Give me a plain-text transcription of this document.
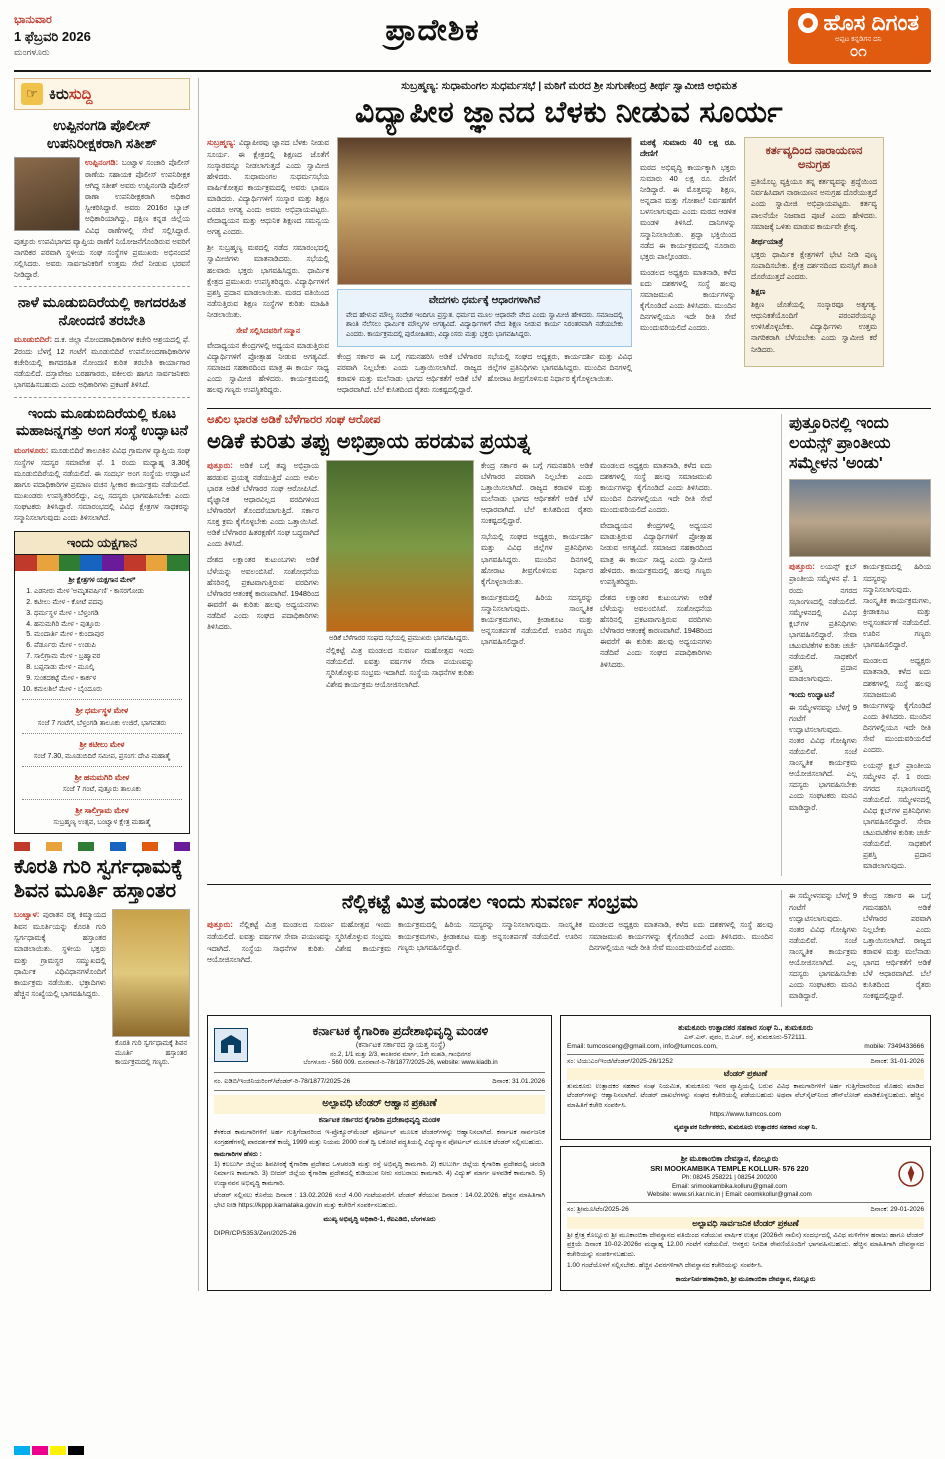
ಭಾನುವಾರ
1 ಫೆಬ್ರವರಿ 2026
ಮಂಗಳೂರು
ಪ್ರಾದೇಶಿಕ	ಹೊಸ ದಿಗಂತ
ಅಪ್ಪಟ ಕನ್ನಡಿಗನ ದನಿ
೦೧
☞ ಕಿರುಸುದ್ದಿ
ಉಪ್ಪಿನಂಗಡಿ ಪೊಲೀಸ್ ಉಪನಿರೀಕ್ಷಕರಾಗಿ ಸತೀಶ್

ಉಪ್ಪಿನಂಗಡಿ: ಬಂಟ್ವಾಳ ಸಂಚಾರಿ ಪೊಲೀಸ್ ಠಾಣೆಯ ಸಹಾಯಕ ಪೊಲೀಸ್ ಉಪನಿರೀಕ್ಷಕ ಆಗಿದ್ದ ಸತೀಶ್ ಅವರು ಉಪ್ಪಿನಂಗಡಿ ಪೊಲೀಸ್ ಠಾಣಾ ಉಪನಿರೀಕ್ಷಕರಾಗಿ ಅಧಿಕಾರ ಸ್ವೀಕರಿಸಿದ್ದಾರೆ. ಅವರು 2016ರ ಬ್ಯಾಚ್ ಅಧಿಕಾರಿಯಾಗಿದ್ದು, ದಕ್ಷಿಣ ಕನ್ನಡ ಜಿಲ್ಲೆಯ ವಿವಿಧ ಠಾಣೆಗಳಲ್ಲಿ ಸೇವೆ ಸಲ್ಲಿಸಿದ್ದಾರೆ. ಪುತ್ತೂರು ಉಪವಿಭಾಗದ ವ್ಯಾಪ್ತಿಯ ಠಾಣೆಗೆ ನಿಯೋಜನೆಗೊಂಡಿರುವ ಅವರಿಗೆ ನಾಗರಿಕರ ಪರವಾಗಿ ಸ್ಥಳೀಯ ಸಂಘ ಸಂಸ್ಥೆಗಳ ಪ್ರಮುಖರು ಅಭಿನಂದನೆ ಸಲ್ಲಿಸಿದರು. ಅವರು ಸಾರ್ವಜನಿಕರಿಗೆ ಉತ್ತಮ ಸೇವೆ ನೀಡುವ ಭರವಸೆ ನೀಡಿದ್ದಾರೆ.

ನಾಳೆ ಮೂಡುಬಿದಿರೆಯಲ್ಲಿ ಕಾಗದರಹಿತ ನೋಂದಣಿ ತರಬೇತಿ

ಮೂಡುಬಿದಿರೆ: ದ.ಕ. ಜಿಲ್ಲಾ ನೋಂದಣಾಧಿಕಾರಿಗಳ ಕಚೇರಿ ಆಶ್ರಯದಲ್ಲಿ ಫೆ. 2ರಂದು ಬೆಳಗ್ಗೆ 12 ಗಂಟೆಗೆ ಮೂಡುಬಿದಿರೆ ಉಪನೋಂದಣಾಧಿಕಾರಿಗಳ ಕಚೇರಿಯಲ್ಲಿ ಕಾಗದರಹಿತ ನೋಂದಣಿ ಕುರಿತ ತರಬೇತಿ ಕಾರ್ಯಾಗಾರ ನಡೆಯಲಿದೆ. ದಸ್ತಾವೇಜು ಬರಹಗಾರರು, ವಕೀಲರು ಹಾಗೂ ಸಾರ್ವಜನಿಕರು ಭಾಗವಹಿಸಬಹುದು ಎಂದು ಅಧಿಕಾರಿಗಳು ಪ್ರಕಟಣೆ ತಿಳಿಸಿದೆ.

ಇಂದು ಮೂಡುಬಿದಿರೆಯಲ್ಲಿ ಕೂಟ ಮಹಾಜನ್ನಗತ್ತು ಅಂಗ ಸಂಸ್ಥೆ ಉದ್ಘಾಟನೆ

ಮಂಗಳೂರು: ಮೂಡುಬಿದಿರೆ ತಾಲೂಕಿನ ವಿವಿಧ ಗ್ರಾಮಗಳ ವ್ಯಾಪ್ತಿಯ ಸಂಘ ಸಂಸ್ಥೆಗಳ ಸದಸ್ಯರ ಸಮಾವೇಶ ಫೆ. 1 ರಂದು ಮಧ್ಯಾಹ್ನ 3.30ಕ್ಕೆ ಮೂಡುಬಿದಿರೆಯಲ್ಲಿ ನಡೆಯಲಿದೆ. ಈ ಸಂದರ್ಭ ಅಂಗ ಸಂಸ್ಥೆಯ ಉದ್ಘಾಟನೆ ಹಾಗೂ ಪದಾಧಿಕಾರಿಗಳ ಪ್ರಮಾಣ ವಚನ ಸ್ವೀಕಾರ ಕಾರ್ಯಕ್ರಮ ನಡೆಯಲಿದೆ. ಮುಖಂಡರು ಉಪಸ್ಥಿತರಿರಲಿದ್ದು, ಎಲ್ಲ ಸದಸ್ಯರು ಭಾಗವಹಿಸಬೇಕು ಎಂದು ಸಂಘಟಕರು ತಿಳಿಸಿದ್ದಾರೆ. ಸಮಾರಂಭದಲ್ಲಿ ವಿವಿಧ ಕ್ಷೇತ್ರಗಳ ಸಾಧಕರನ್ನು ಸನ್ಮಾನಿಸಲಾಗುವುದು ಎಂದು ತಿಳಿಸಲಾಗಿದೆ.

ಇಂದು ಯಕ್ಷಗಾನ
ಶ್ರೀ ಕ್ಷೇತ್ರಗಳ ಯಕ್ಷಗಾನ ಮೇಳ*
1. ಎಡನೀರು ಮೇಳ 'ಅಮೃತವರ್ಷಿಣಿ' - ಕಾಸರಗೋಡು
2. ಕಟೀಲು ಮೇಳ - ಕೋಟೆ ಪದವು
3. ಧರ್ಮಸ್ಥಳ ಮೇಳ - ಬೆಳ್ತಂಗಡಿ
4. ಹನುಮಗಿರಿ ಮೇಳ - ಪುತ್ತೂರು
5. ಮಂದಾರ್ತಿ ಮೇಳ - ಕುಂದಾಪುರ
6. ಪೆರ್ಡೂರು ಮೇಳ - ಉಡುಪಿ
7. ಸಾಲಿಗ್ರಾಮ ಮೇಳ - ಬ್ರಹ್ಮಾವರ
8. ಬಪ್ಪನಾಡು ಮೇಳ - ಮೂಲ್ಕಿ
9. ಸುಂಕದಕಟ್ಟೆ ಮೇಳ - ಕಾರ್ಕಳ
10. ಕಮಲಶಿಲೆ ಮೇಳ - ಬೈಂದೂರು
ಶ್ರೀ ಧರ್ಮಸ್ಥಳ ಮೇಳ
ಸಂಜೆ 7 ಗಂಟೆಗೆ, ಬೆಳ್ತಂಗಡಿ ತಾಲೂಕು ಉಜಿರೆ, ಭಾಗವತರು
ಶ್ರೀ ಕಟೀಲು ಮೇಳ
ಸಂಜೆ 7.30, ಮೂಡುಬಿದಿರೆ ಸಮೀಪ, ಪ್ರಸಂಗ: ದೇವಿ ಮಹಾತ್ಮೆ
ಶ್ರೀ ಹನುಮಗಿರಿ ಮೇಳ
ಸಂಜೆ 7 ಗಂಟೆ, ಪುತ್ತೂರು ತಾಲೂಕು
ಶ್ರೀ ಸಾಲಿಗ್ರಾಮ ಮೇಳ
ಸುಬ್ರಹ್ಮಣ್ಯ ಉತ್ಸವ, ಬಂಟ್ವಾಳ ಕ್ಷೇತ್ರ ಮಹಾತ್ಮೆ
ಕೊರತಿ ಗುರಿ ಸ್ವರ್ಗಧಾಮಕ್ಕೆ ಶಿವನ ಮೂರ್ತಿ ಹಸ್ತಾಂತರ

ಬಂಟ್ವಾಳ: ಪುರಾತನ ರತ್ನ ಕಿಮ್ಮಾಯದ ಶಿವನ ಮೂರ್ತಿಯನ್ನು ಕೊರತಿ ಗುರಿ ಸ್ವರ್ಗಧಾಮಕ್ಕೆ ಹಸ್ತಾಂತರ ಮಾಡಲಾಯಿತು. ಸ್ಥಳೀಯ ಭಕ್ತರು ಮತ್ತು ಗ್ರಾಮಸ್ಥರ ಸಮ್ಮುಖದಲ್ಲಿ ಧಾರ್ಮಿಕ ವಿಧಿವಿಧಾನಗಳೊಂದಿಗೆ ಕಾರ್ಯಕ್ರಮ ನಡೆಯಿತು. ಭಕ್ತಾದಿಗಳು ಹೆಚ್ಚಿನ ಸಂಖ್ಯೆಯಲ್ಲಿ ಭಾಗವಹಿಸಿದ್ದರು.

ಕೊರತಿ ಗುರಿ ಸ್ವರ್ಗಧಾಮಕ್ಕೆ ಶಿವನ ಮೂರ್ತಿ ಹಸ್ತಾಂತರ ಕಾರ್ಯಕ್ರಮದಲ್ಲಿ ಗಣ್ಯರು.
ಸುಬ್ರಹ್ಮಣ್ಯ: ಸುಧಾಮಂಗಲ ಸುಧರ್ಮಸಭೆ | ಮಠಿಗೆ ಮರದ ಶ್ರೀ ಸುಗುಣೇಂದ್ರ ತೀರ್ಥ ಸ್ವಾಮೀಜಿ ಅಭಿಮತ
ವಿದ್ಯಾಪೀಠ ಜ್ಞಾನದ ಬೆಳಕು ನೀಡುವ ಸೂರ್ಯ

ಸುಬ್ರಹ್ಮಣ್ಯ: ವಿದ್ಯಾಪೀಠವು ಜ್ಞಾನದ ಬೆಳಕು ನೀಡುವ ಸೂರ್ಯ. ಈ ಕ್ಷೇತ್ರದಲ್ಲಿ ಶಿಕ್ಷಣದ ಜೊತೆಗೆ ಸಂಸ್ಕಾರವನ್ನೂ ನೀಡಲಾಗುತ್ತದೆ ಎಂದು ಸ್ವಾಮೀಜಿ ಹೇಳಿದರು. ಸುಧಾಮಂಗಲ ಸುಧರ್ಮಸಭೆಯ ವಾರ್ಷಿಕೋತ್ಸವ ಕಾರ್ಯಕ್ರಮದಲ್ಲಿ ಅವರು ಭಾಷಣ ಮಾಡಿದರು. ವಿದ್ಯಾರ್ಥಿಗಳಿಗೆ ಸಂಸ್ಕಾರ ಮತ್ತು ಶಿಕ್ಷಣ ಎರಡೂ ಅಗತ್ಯ ಎಂದು ಅವರು ಅಭಿಪ್ರಾಯಪಟ್ಟರು. ವೇದಾಧ್ಯಯನ ಮತ್ತು ಆಧುನಿಕ ಶಿಕ್ಷಣದ ಸಮನ್ವಯ ಅಗತ್ಯ ಎಂದರು.

ಶ್ರೀ ಸುಬ್ರಹ್ಮಣ್ಯ ಮಠದಲ್ಲಿ ನಡೆದ ಸಮಾರಂಭದಲ್ಲಿ ಸ್ವಾಮೀಜಿಗಳು ಮಾತನಾಡಿದರು. ಸಭೆಯಲ್ಲಿ ಹಲವಾರು ಭಕ್ತರು ಭಾಗವಹಿಸಿದ್ದರು. ಧಾರ್ಮಿಕ ಕ್ಷೇತ್ರದ ಪ್ರಮುಖರು ಉಪಸ್ಥಿತರಿದ್ದರು. ವಿದ್ಯಾರ್ಥಿಗಳಿಗೆ ಪ್ರಶಸ್ತಿ ಪ್ರದಾನ ಮಾಡಲಾಯಿತು. ಮಠದ ವತಿಯಿಂದ ನಡೆಸುತ್ತಿರುವ ಶಿಕ್ಷಣ ಸಂಸ್ಥೆಗಳ ಕುರಿತು ಮಾಹಿತಿ ನೀಡಲಾಯಿತು.

ಸೇವೆ ಸಲ್ಲಿಸಿದವರಿಗೆ ಸನ್ಮಾನ

ವೇದಾಧ್ಯಯನ ಕೇಂದ್ರಗಳಲ್ಲಿ ಅಧ್ಯಯನ ಮಾಡುತ್ತಿರುವ ವಿದ್ಯಾರ್ಥಿಗಳಿಗೆ ಪ್ರೋತ್ಸಾಹ ನೀಡುವ ಅಗತ್ಯವಿದೆ. ಸಮಾಜದ ಸಹಕಾರದಿಂದ ಮಾತ್ರ ಈ ಕಾರ್ಯ ಸಾಧ್ಯ ಎಂದು ಸ್ವಾಮೀಜಿ ಹೇಳಿದರು. ಕಾರ್ಯಕ್ರಮದಲ್ಲಿ ಹಲವು ಗಣ್ಯರು ಉಪಸ್ಥಿತರಿದ್ದರು.

ವೇದಗಳು ಧರ್ಮಕ್ಕೆ ಆಧಾರಗಳಾಗಿವೆ
ವೇದ ಹೇಳುವ ಮೌಲ್ಯ ಸಂದೇಶ ಇಂದಿಗೂ ಪ್ರಸ್ತುತ. ಧರ್ಮದ ಮೂಲ ಆಧಾರವೇ ವೇದ ಎಂದು ಸ್ವಾಮೀಜಿ ಹೇಳಿದರು. ಸಮಾಜದಲ್ಲಿ ಶಾಂತಿ ನೆಲೆಸಲು ಧಾರ್ಮಿಕ ಮೌಲ್ಯಗಳ ಅಗತ್ಯವಿದೆ. ವಿದ್ಯಾರ್ಥಿಗಳಿಗೆ ವೇದ ಶಿಕ್ಷಣ ನೀಡುವ ಕಾರ್ಯ ನಿರಂತರವಾಗಿ ನಡೆಯಬೇಕು ಎಂದರು. ಕಾರ್ಯಕ್ರಮದಲ್ಲಿ ಪುರೋಹಿತರು, ವಿದ್ವಾಂಸರು ಮತ್ತು ಭಕ್ತರು ಭಾಗವಹಿಸಿದ್ದರು.

ಕೇಂದ್ರ ಸರ್ಕಾರ ಈ ಬಗ್ಗೆ ಗಮನಹರಿಸಿ ಅಡಿಕೆ ಬೆಳೆಗಾರರ ಪರವಾಗಿ ನಿಲ್ಲಬೇಕು ಎಂದು ಒತ್ತಾಯಿಸಲಾಗಿದೆ. ರಾಜ್ಯದ ಕರಾವಳಿ ಮತ್ತು ಮಲೆನಾಡು ಭಾಗದ ಆರ್ಥಿಕತೆಗೆ ಅಡಿಕೆ ಬೆಳೆ ಆಧಾರವಾಗಿದೆ. ಬೆಲೆ ಕುಸಿತದಿಂದ ರೈತರು ಸಂಕಷ್ಟದಲ್ಲಿದ್ದಾರೆ.

ಸಭೆಯಲ್ಲಿ ಸಂಘದ ಅಧ್ಯಕ್ಷರು, ಕಾರ್ಯದರ್ಶಿ ಮತ್ತು ವಿವಿಧ ಜಿಲ್ಲೆಗಳ ಪ್ರತಿನಿಧಿಗಳು ಭಾಗವಹಿಸಿದ್ದರು. ಮುಂದಿನ ದಿನಗಳಲ್ಲಿ ಹೋರಾಟ ತೀವ್ರಗೊಳಿಸುವ ನಿರ್ಧಾರ ಕೈಗೊಳ್ಳಲಾಯಿತು.

ಮಠಕ್ಕೆ ಸುಮಾರು 40 ಲಕ್ಷ ರೂ. ದೇಣಿಗೆ

ಮಠದ ಅಭಿವೃದ್ಧಿ ಕಾರ್ಯಕ್ಕಾಗಿ ಭಕ್ತರು ಸುಮಾರು 40 ಲಕ್ಷ ರೂ. ದೇಣಿಗೆ ನೀಡಿದ್ದಾರೆ. ಈ ಮೊತ್ತವನ್ನು ಶಿಕ್ಷಣ, ಅನ್ನದಾನ ಮತ್ತು ಗೋಶಾಲೆ ನಿರ್ವಹಣೆಗೆ ಬಳಸಲಾಗುವುದು ಎಂದು ಮಠದ ಆಡಳಿತ ಮಂಡಳಿ ತಿಳಿಸಿದೆ. ದಾನಿಗಳನ್ನು ಸನ್ಮಾನಿಸಲಾಯಿತು. ಶ್ರದ್ಧಾ ಭಕ್ತಿಯಿಂದ ನಡೆದ ಈ ಕಾರ್ಯಕ್ರಮದಲ್ಲಿ ನೂರಾರು ಭಕ್ತರು ಪಾಲ್ಗೊಂಡರು.

ಮಂಡಲದ ಅಧ್ಯಕ್ಷರು ಮಾತನಾಡಿ, ಕಳೆದ ಐದು ದಶಕಗಳಲ್ಲಿ ಸಂಸ್ಥೆ ಹಲವು ಸಮಾಜಮುಖಿ ಕಾರ್ಯಗಳನ್ನು ಕೈಗೊಂಡಿದೆ ಎಂದು ತಿಳಿಸಿದರು. ಮುಂದಿನ ದಿನಗಳಲ್ಲಿಯೂ ಇದೇ ರೀತಿ ಸೇವೆ ಮುಂದುವರಿಯಲಿದೆ ಎಂದರು.

ಕರ್ತವ್ಯದಿಂದ ನಾರಾಯಣನ ಅನುಗ್ರಹ

ಪ್ರತಿಯೊಬ್ಬ ವ್ಯಕ್ತಿಯೂ ತನ್ನ ಕರ್ತವ್ಯವನ್ನು ಶ್ರದ್ಧೆಯಿಂದ ನಿರ್ವಹಿಸಿದಾಗ ನಾರಾಯಣನ ಅನುಗ್ರಹ ದೊರೆಯುತ್ತದೆ ಎಂದು ಸ್ವಾಮೀಜಿ ಅಭಿಪ್ರಾಯಪಟ್ಟರು. ಕರ್ತವ್ಯ ಪಾಲನೆಯೇ ನಿಜವಾದ ಪೂಜೆ ಎಂದು ಹೇಳಿದರು. ಸಮಾಜಕ್ಕೆ ಒಳಿತು ಮಾಡುವ ಕಾರ್ಯವೇ ಶ್ರೇಷ್ಠ.

ತೀರ್ಥಯಾತ್ರೆ

ಭಕ್ತರು ಧಾರ್ಮಿಕ ಕ್ಷೇತ್ರಗಳಿಗೆ ಭೇಟಿ ನೀಡಿ ಪುಣ್ಯ ಸಂಪಾದಿಸಬೇಕು. ಕ್ಷೇತ್ರ ದರ್ಶನದಿಂದ ಮನಸ್ಸಿಗೆ ಶಾಂತಿ ದೊರೆಯುತ್ತದೆ ಎಂದರು.

ಶಿಕ್ಷಣ

ಶಿಕ್ಷಣ ಜೊತೆಯಲ್ಲಿ ಸಂಸ್ಕಾರವೂ ಅತ್ಯಗತ್ಯ. ಆಧುನಿಕತೆಯೊಂದಿಗೆ ಪರಂಪರೆಯನ್ನೂ ಉಳಿಸಿಕೊಳ್ಳಬೇಕು. ವಿದ್ಯಾರ್ಥಿಗಳು ಉತ್ತಮ ನಾಗರಿಕರಾಗಿ ಬೆಳೆಯಬೇಕು ಎಂದು ಸ್ವಾಮೀಜಿ ಕರೆ ನೀಡಿದರು.

ಅಖಿಲ ಭಾರತ ಅಡಿಕೆ ಬೆಳೆಗಾರರ ಸಂಘ ಆರೋಪ
ಅಡಿಕೆ ಕುರಿತು ತಪ್ಪು ಅಭಿಪ್ರಾಯ ಹರಡುವ ಪ್ರಯತ್ನ

ಪುತ್ತೂರು: ಅಡಿಕೆ ಬಗ್ಗೆ ತಪ್ಪು ಅಭಿಪ್ರಾಯ ಹರಡುವ ಪ್ರಯತ್ನ ನಡೆಯುತ್ತಿದೆ ಎಂದು ಅಖಿಲ ಭಾರತ ಅಡಿಕೆ ಬೆಳೆಗಾರರ ಸಂಘ ಆರೋಪಿಸಿದೆ. ವೈಜ್ಞಾನಿಕ ಆಧಾರವಿಲ್ಲದ ವರದಿಗಳಿಂದ ಬೆಳೆಗಾರರಿಗೆ ತೊಂದರೆಯಾಗುತ್ತಿದೆ. ಸರ್ಕಾರ ಸೂಕ್ತ ಕ್ರಮ ಕೈಗೊಳ್ಳಬೇಕು ಎಂದು ಒತ್ತಾಯಿಸಿದೆ. ಅಡಿಕೆ ಬೆಳೆಗಾರರ ಹಿತರಕ್ಷಣೆಗೆ ಸಂಘ ಬದ್ಧವಾಗಿದೆ ಎಂದು ತಿಳಿಸಿದೆ.

ದೇಶದ ಲಕ್ಷಾಂತರ ಕುಟುಂಬಗಳು ಅಡಿಕೆ ಬೆಳೆಯನ್ನು ಅವಲಂಬಿಸಿವೆ. ಸಂಶೋಧನೆಯ ಹೆಸರಿನಲ್ಲಿ ಪ್ರಕಟವಾಗುತ್ತಿರುವ ವರದಿಗಳು ಬೆಳೆಗಾರರ ಆತಂಕಕ್ಕೆ ಕಾರಣವಾಗಿವೆ. 1948ರಿಂದ ಈವರೆಗೆ ಈ ಕುರಿತು ಹಲವು ಅಧ್ಯಯನಗಳು ನಡೆದಿವೆ ಎಂದು ಸಂಘದ ಪದಾಧಿಕಾರಿಗಳು ತಿಳಿಸಿದರು.

ಅಡಿಕೆ ಬೆಳೆಗಾರರ ಸಂಘದ ಸಭೆಯಲ್ಲಿ ಪ್ರಮುಖರು ಭಾಗವಹಿಸಿದ್ದರು.

ನೆಲ್ಲಿಕಟ್ಟೆ ಮಿತ್ರ ಮಂಡಲದ ಸುವರ್ಣ ಮಹೋತ್ಸವ ಇಂದು ನಡೆಯಲಿದೆ. ಐವತ್ತು ವರ್ಷಗಳ ಸೇವಾ ಪಯಣವನ್ನು ಸ್ಮರಿಸಿಕೊಳ್ಳುವ ಸಂಭ್ರಮ ಇದಾಗಿದೆ. ಸಂಸ್ಥೆಯ ಸಾಧನೆಗಳ ಕುರಿತು ವಿಶೇಷ ಕಾರ್ಯಕ್ರಮ ಆಯೋಜಿಸಲಾಗಿದೆ.

ಕೇಂದ್ರ ಸರ್ಕಾರ ಈ ಬಗ್ಗೆ ಗಮನಹರಿಸಿ ಅಡಿಕೆ ಬೆಳೆಗಾರರ ಪರವಾಗಿ ನಿಲ್ಲಬೇಕು ಎಂದು ಒತ್ತಾಯಿಸಲಾಗಿದೆ. ರಾಜ್ಯದ ಕರಾವಳಿ ಮತ್ತು ಮಲೆನಾಡು ಭಾಗದ ಆರ್ಥಿಕತೆಗೆ ಅಡಿಕೆ ಬೆಳೆ ಆಧಾರವಾಗಿದೆ. ಬೆಲೆ ಕುಸಿತದಿಂದ ರೈತರು ಸಂಕಷ್ಟದಲ್ಲಿದ್ದಾರೆ.

ಸಭೆಯಲ್ಲಿ ಸಂಘದ ಅಧ್ಯಕ್ಷರು, ಕಾರ್ಯದರ್ಶಿ ಮತ್ತು ವಿವಿಧ ಜಿಲ್ಲೆಗಳ ಪ್ರತಿನಿಧಿಗಳು ಭಾಗವಹಿಸಿದ್ದರು. ಮುಂದಿನ ದಿನಗಳಲ್ಲಿ ಹೋರಾಟ ತೀವ್ರಗೊಳಿಸುವ ನಿರ್ಧಾರ ಕೈಗೊಳ್ಳಲಾಯಿತು.

ಕಾರ್ಯಕ್ರಮದಲ್ಲಿ ಹಿರಿಯ ಸದಸ್ಯರನ್ನು ಸನ್ಮಾನಿಸಲಾಗುವುದು. ಸಾಂಸ್ಕೃತಿಕ ಕಾರ್ಯಕ್ರಮಗಳು, ಕ್ರೀಡಾಕೂಟ ಮತ್ತು ಅನ್ನಸಂತರ್ಪಣೆ ನಡೆಯಲಿದೆ. ಊರಿನ ಗಣ್ಯರು ಭಾಗವಹಿಸಲಿದ್ದಾರೆ.

ಮಂಡಲದ ಅಧ್ಯಕ್ಷರು ಮಾತನಾಡಿ, ಕಳೆದ ಐದು ದಶಕಗಳಲ್ಲಿ ಸಂಸ್ಥೆ ಹಲವು ಸಮಾಜಮುಖಿ ಕಾರ್ಯಗಳನ್ನು ಕೈಗೊಂಡಿದೆ ಎಂದು ತಿಳಿಸಿದರು. ಮುಂದಿನ ದಿನಗಳಲ್ಲಿಯೂ ಇದೇ ರೀತಿ ಸೇವೆ ಮುಂದುವರಿಯಲಿದೆ ಎಂದರು.

ವೇದಾಧ್ಯಯನ ಕೇಂದ್ರಗಳಲ್ಲಿ ಅಧ್ಯಯನ ಮಾಡುತ್ತಿರುವ ವಿದ್ಯಾರ್ಥಿಗಳಿಗೆ ಪ್ರೋತ್ಸಾಹ ನೀಡುವ ಅಗತ್ಯವಿದೆ. ಸಮಾಜದ ಸಹಕಾರದಿಂದ ಮಾತ್ರ ಈ ಕಾರ್ಯ ಸಾಧ್ಯ ಎಂದು ಸ್ವಾಮೀಜಿ ಹೇಳಿದರು. ಕಾರ್ಯಕ್ರಮದಲ್ಲಿ ಹಲವು ಗಣ್ಯರು ಉಪಸ್ಥಿತರಿದ್ದರು.

ದೇಶದ ಲಕ್ಷಾಂತರ ಕುಟುಂಬಗಳು ಅಡಿಕೆ ಬೆಳೆಯನ್ನು ಅವಲಂಬಿಸಿವೆ. ಸಂಶೋಧನೆಯ ಹೆಸರಿನಲ್ಲಿ ಪ್ರಕಟವಾಗುತ್ತಿರುವ ವರದಿಗಳು ಬೆಳೆಗಾರರ ಆತಂಕಕ್ಕೆ ಕಾರಣವಾಗಿವೆ. 1948ರಿಂದ ಈವರೆಗೆ ಈ ಕುರಿತು ಹಲವು ಅಧ್ಯಯನಗಳು ನಡೆದಿವೆ ಎಂದು ಸಂಘದ ಪದಾಧಿಕಾರಿಗಳು ತಿಳಿಸಿದರು.

ಪುತ್ತೂರಿನಲ್ಲಿ ಇಂದು ಲಯನ್ಸ್ ಪ್ರಾಂತೀಯ ಸಮ್ಮೇಳನ 'ಅಂಡು'

ಪುತ್ತೂರು: ಲಯನ್ಸ್ ಕ್ಲಬ್ ಪ್ರಾಂತೀಯ ಸಮ್ಮೇಳನ ಫೆ. 1 ರಂದು ನಗರದ ಸಭಾಂಗಣದಲ್ಲಿ ನಡೆಯಲಿದೆ. ಸಮ್ಮೇಳನದಲ್ಲಿ ವಿವಿಧ ಕ್ಲಬ್‌ಗಳ ಪ್ರತಿನಿಧಿಗಳು ಭಾಗವಹಿಸಲಿದ್ದಾರೆ. ಸೇವಾ ಚಟುವಟಿಕೆಗಳ ಕುರಿತು ಚರ್ಚೆ ನಡೆಯಲಿದೆ. ಸಾಧಕರಿಗೆ ಪ್ರಶಸ್ತಿ ಪ್ರದಾನ ಮಾಡಲಾಗುವುದು.

ಇಂದು ಉದ್ಘಾಟನೆ

ಈ ಸಮ್ಮೇಳನವನ್ನು ಬೆಳಗ್ಗೆ 9 ಗಂಟೆಗೆ ಉದ್ಘಾಟಿಸಲಾಗುವುದು. ನಂತರ ವಿವಿಧ ಗೋಷ್ಠಿಗಳು ನಡೆಯಲಿವೆ. ಸಂಜೆ ಸಾಂಸ್ಕೃತಿಕ ಕಾರ್ಯಕ್ರಮ ಆಯೋಜಿಸಲಾಗಿದೆ. ಎಲ್ಲ ಸದಸ್ಯರು ಭಾಗವಹಿಸಬೇಕು ಎಂದು ಸಂಘಟಕರು ಮನವಿ ಮಾಡಿದ್ದಾರೆ.

ಕಾರ್ಯಕ್ರಮದಲ್ಲಿ ಹಿರಿಯ ಸದಸ್ಯರನ್ನು ಸನ್ಮಾನಿಸಲಾಗುವುದು. ಸಾಂಸ್ಕೃತಿಕ ಕಾರ್ಯಕ್ರಮಗಳು, ಕ್ರೀಡಾಕೂಟ ಮತ್ತು ಅನ್ನಸಂತರ್ಪಣೆ ನಡೆಯಲಿದೆ. ಊರಿನ ಗಣ್ಯರು ಭಾಗವಹಿಸಲಿದ್ದಾರೆ.

ಮಂಡಲದ ಅಧ್ಯಕ್ಷರು ಮಾತನಾಡಿ, ಕಳೆದ ಐದು ದಶಕಗಳಲ್ಲಿ ಸಂಸ್ಥೆ ಹಲವು ಸಮಾಜಮುಖಿ ಕಾರ್ಯಗಳನ್ನು ಕೈಗೊಂಡಿದೆ ಎಂದು ತಿಳಿಸಿದರು. ಮುಂದಿನ ದಿನಗಳಲ್ಲಿಯೂ ಇದೇ ರೀತಿ ಸೇವೆ ಮುಂದುವರಿಯಲಿದೆ ಎಂದರು.

ಲಯನ್ಸ್ ಕ್ಲಬ್ ಪ್ರಾಂತೀಯ ಸಮ್ಮೇಳನ ಫೆ. 1 ರಂದು ನಗರದ ಸಭಾಂಗಣದಲ್ಲಿ ನಡೆಯಲಿದೆ. ಸಮ್ಮೇಳನದಲ್ಲಿ ವಿವಿಧ ಕ್ಲಬ್‌ಗಳ ಪ್ರತಿನಿಧಿಗಳು ಭಾಗವಹಿಸಲಿದ್ದಾರೆ. ಸೇವಾ ಚಟುವಟಿಕೆಗಳ ಕುರಿತು ಚರ್ಚೆ ನಡೆಯಲಿದೆ. ಸಾಧಕರಿಗೆ ಪ್ರಶಸ್ತಿ ಪ್ರದಾನ ಮಾಡಲಾಗುವುದು.

ನೆಲ್ಲಿಕಟ್ಟೆ ಮಿತ್ರ ಮಂಡಲ ಇಂದು ಸುವರ್ಣ ಸಂಭ್ರಮ

ಪುತ್ತೂರು: ನೆಲ್ಲಿಕಟ್ಟೆ ಮಿತ್ರ ಮಂಡಲದ ಸುವರ್ಣ ಮಹೋತ್ಸವ ಇಂದು ನಡೆಯಲಿದೆ. ಐವತ್ತು ವರ್ಷಗಳ ಸೇವಾ ಪಯಣವನ್ನು ಸ್ಮರಿಸಿಕೊಳ್ಳುವ ಸಂಭ್ರಮ ಇದಾಗಿದೆ. ಸಂಸ್ಥೆಯ ಸಾಧನೆಗಳ ಕುರಿತು ವಿಶೇಷ ಕಾರ್ಯಕ್ರಮ ಆಯೋಜಿಸಲಾಗಿದೆ.

ಕಾರ್ಯಕ್ರಮದಲ್ಲಿ ಹಿರಿಯ ಸದಸ್ಯರನ್ನು ಸನ್ಮಾನಿಸಲಾಗುವುದು. ಸಾಂಸ್ಕೃತಿಕ ಕಾರ್ಯಕ್ರಮಗಳು, ಕ್ರೀಡಾಕೂಟ ಮತ್ತು ಅನ್ನಸಂತರ್ಪಣೆ ನಡೆಯಲಿದೆ. ಊರಿನ ಗಣ್ಯರು ಭಾಗವಹಿಸಲಿದ್ದಾರೆ.

ಮಂಡಲದ ಅಧ್ಯಕ್ಷರು ಮಾತನಾಡಿ, ಕಳೆದ ಐದು ದಶಕಗಳಲ್ಲಿ ಸಂಸ್ಥೆ ಹಲವು ಸಮಾಜಮುಖಿ ಕಾರ್ಯಗಳನ್ನು ಕೈಗೊಂಡಿದೆ ಎಂದು ತಿಳಿಸಿದರು. ಮುಂದಿನ ದಿನಗಳಲ್ಲಿಯೂ ಇದೇ ರೀತಿ ಸೇವೆ ಮುಂದುವರಿಯಲಿದೆ ಎಂದರು.

ಈ ಸಮ್ಮೇಳನವನ್ನು ಬೆಳಗ್ಗೆ 9 ಗಂಟೆಗೆ ಉದ್ಘಾಟಿಸಲಾಗುವುದು. ನಂತರ ವಿವಿಧ ಗೋಷ್ಠಿಗಳು ನಡೆಯಲಿವೆ. ಸಂಜೆ ಸಾಂಸ್ಕೃತಿಕ ಕಾರ್ಯಕ್ರಮ ಆಯೋಜಿಸಲಾಗಿದೆ. ಎಲ್ಲ ಸದಸ್ಯರು ಭಾಗವಹಿಸಬೇಕು ಎಂದು ಸಂಘಟಕರು ಮನವಿ ಮಾಡಿದ್ದಾರೆ.

ಕೇಂದ್ರ ಸರ್ಕಾರ ಈ ಬಗ್ಗೆ ಗಮನಹರಿಸಿ ಅಡಿಕೆ ಬೆಳೆಗಾರರ ಪರವಾಗಿ ನಿಲ್ಲಬೇಕು ಎಂದು ಒತ್ತಾಯಿಸಲಾಗಿದೆ. ರಾಜ್ಯದ ಕರಾವಳಿ ಮತ್ತು ಮಲೆನಾಡು ಭಾಗದ ಆರ್ಥಿಕತೆಗೆ ಅಡಿಕೆ ಬೆಳೆ ಆಧಾರವಾಗಿದೆ. ಬೆಲೆ ಕುಸಿತದಿಂದ ರೈತರು ಸಂಕಷ್ಟದಲ್ಲಿದ್ದಾರೆ.

ಕರ್ನಾಟಕ ಕೈಗಾರಿಕಾ ಪ್ರದೇಶಾಭಿವೃದ್ಧಿ ಮಂಡಳಿ
(ಕರ್ನಾಟಕ ಸರ್ಕಾರದ ಸ್ವಾಯತ್ತ ಸಂಸ್ಥೆ)
ನಂ.2, 1/1 ಮತ್ತು 2/3, ಕಾಂತೀರವ ಮಾರ್ಗ, 1ನೇ ಮಹಡಿ, ಗಾಂಧಿನಗರ
ಬೆಂಗಳೂರು - 560 009. ದೂರವಾಣಿ-ರಿ-78/1877/2025-26, website: www.kiadb.in
ನಂ. ಐಡಿಬಿ/ಇಂಜಿನಿಯರಿಂಗ್/ಟೆಂಡರ್-ರಿ-78/1877/2025-26	ದಿನಾಂಕ: 31.01.2026
ಅಲ್ಪಾವಧಿ ಟೆಂಡರ್ ಆಹ್ವಾನ ಪ್ರಕಟಣೆ
ಕರ್ನಾಟಕ ಸರ್ಕಾರದ ಕೈಗಾರಿಕಾ ಪ್ರದೇಶಾಭಿವೃದ್ಧಿ ಮಂಡಳಿ
ಕೆಳಕಂಡ ಕಾಮಗಾರಿಗಳಿಗೆ ಅರ್ಹ ಗುತ್ತಿಗೆದಾರರಿಂದ ಇ-ಪ್ರೊಕ್ಯೂರ್‌ಮೆಂಟ್ ಪೋರ್ಟಲ್ ಮೂಲಕ ಟೆಂಡರ್‌ಗಳನ್ನು ಆಹ್ವಾನಿಸಲಾಗಿದೆ. ಕರ್ನಾಟಕ ಸಾರ್ವಜನಿಕ ಸಂಗ್ರಹಣೆಗಳಲ್ಲಿ ಪಾರದರ್ಶಕತೆ ಕಾಯ್ದೆ 1999 ಮತ್ತು ನಿಯಮ 2000 ರಂತೆ ದ್ವಿ ಲಕೋಟೆ ಪದ್ಧತಿಯಲ್ಲಿ ವಿದ್ಯುನ್ಮಾನ ಪೋರ್ಟಲ್ ಮೂಲಕ ಟೆಂಡರ್ ಸಲ್ಲಿಸಬಹುದು.
ಕಾಮಗಾರಿಗಳ ಹೆಸರು :
1) ಕಲಬುರ್ಗಿ ಜಿಲ್ಲೆಯ ಶಿವಪೀಠಕ್ಕೆ ಕೈಗಾರಿಕಾ ಪ್ರದೇಶದ ಒಳಚರಂಡಿ ಮತ್ತು ರಸ್ತೆ ಅಭಿವೃದ್ಧಿ ಕಾಮಗಾರಿ. 2) ಕಲಬುರ್ಗಿ ಜಿಲ್ಲೆಯ ಕೈಗಾರಿಕಾ ಪ್ರದೇಶದಲ್ಲಿ ಚರಂಡಿ ನಿರ್ಮಾಣ ಕಾಮಗಾರಿ. 3) ಬೀದರ್ ಜಿಲ್ಲೆಯ ಕೈಗಾರಿಕಾ ಪ್ರದೇಶದಲ್ಲಿ ಕುಡಿಯುವ ನೀರು ಸರಬರಾಜು ಕಾಮಗಾರಿ. 4) ವಿದ್ಯುತ್ ಮಾರ್ಗ ಅಳವಡಿಕೆ ಕಾಮಗಾರಿ. 5) ಉದ್ಯಾನವನ ಅಭಿವೃದ್ಧಿ ಕಾಮಗಾರಿ.
ಟೆಂಡರ್ ಸಲ್ಲಿಸಲು ಕೊನೆಯ ದಿನಾಂಕ : 13.02.2026 ಸಂಜೆ 4.00 ಗಂಟೆಯವರೆಗೆ. ಟೆಂಡರ್ ತೆರೆಯುವ ದಿನಾಂಕ : 14.02.2026. ಹೆಚ್ಚಿನ ಮಾಹಿತಿಗಾಗಿ ಭೇಟಿ ನೀಡಿ https://kppp.karnataka.gov.in ಮತ್ತು ಕಚೇರಿಗೆ ಸಂಪರ್ಕಿಸಬಹುದು.
ಮುಖ್ಯ ಅಭಿವೃದ್ಧಿ ಅಧಿಕಾರಿ-1, ಕೆಐಎಡಿಬಿ, ಬೆಂಗಳೂರು
DIPR/CP/5353/Zen/2025-26
ತುಮಕೂರು ಉತ್ಪಾದಕರ ಸಹಕಾರ ಸಂಘ ನಿ., ತುಮಕೂರು
ಎಸ್.ಎಸ್. ಪುರಂ, ಬಿ.ಎಚ್. ರಸ್ತೆ, ತುಮಕೂರು-572111.
Email: tumcosceng@gmail.com, info@tumcos.com,	mobile: 7349433666
ಸಂ: ಟಿಯುಎಂ/ಇಂಜಿ/ಟೆಂಡರ್/2025-26/1252	ದಿನಾಂಕ: 31-01-2026
ಟೆಂಡರ್ ಪ್ರಕಟಣೆ
ತುಮಕೂರು ಉತ್ಪಾದಕರ ಸಹಕಾರ ಸಂಘ ನಿಯಮಿತ, ತುಮಕೂರು ಇವರ ವ್ಯಾಪ್ತಿಯಲ್ಲಿ ಬರುವ ವಿವಿಧ ಕಾಮಗಾರಿಗಳಿಗೆ ಅರ್ಹ ಗುತ್ತಿಗೆದಾರರಿಂದ ಮೊಹರು ಮಾಡಿದ ಟೆಂಡರ್‌ಗಳನ್ನು ಆಹ್ವಾನಿಸಲಾಗಿದೆ. ಟೆಂಡರ್ ದಾಖಲೆಗಳನ್ನು ಸಂಘದ ಕಚೇರಿಯಲ್ಲಿ ಪಡೆಯಬಹುದು ಅಥವಾ ವೆಬ್‌ಸೈಟ್‌ನಿಂದ ಡೌನ್‌ಲೋಡ್ ಮಾಡಿಕೊಳ್ಳಬಹುದು. ಹೆಚ್ಚಿನ ಮಾಹಿತಿಗೆ ಕಚೇರಿ ಸಂಪರ್ಕಿಸಿ.
https://www.tumcos.com
ವ್ಯವಸ್ಥಾಪಕ ನಿರ್ದೇಶಕರು, ತುಮಕೂರು ಉತ್ಪಾದಕರ ಸಹಕಾರ ಸಂಘ ನಿ.
ಶ್ರೀ ಮೂಕಾಂಬಿಕಾ ದೇವಸ್ಥಾನ, ಕೊಲ್ಲೂರು
SRI MOOKAMBIKA TEMPLE KOLLUR- 576 220
Ph: 08245 258221 | 08254 200200
Email: srimookambika.kolluru@gmail.com
Website: www.sri.kar.nic.in | Email: ceomkkollur@gmail.com
ಸಂ: ಶ್ರೀಮೂ/ಟೆಂ/2025-26	ದಿನಾಂಕ: 29-01-2026
ಅಲ್ಪಾವಧಿ ಸಾರ್ವಜನಿಕ ಟೆಂಡರ್ ಪ್ರಕಟಣೆ
ಶ್ರೀ ಕ್ಷೇತ್ರ ಕೊಲ್ಲೂರು ಶ್ರೀ ಮೂಕಾಂಬಿಕಾ ದೇವಸ್ಥಾನದ ವತಿಯಿಂದ ನಡೆಯುವ ವಾರ್ಷಿಕ ಉತ್ಸವ (2026ನೇ ಸಾಲಿನ) ಸಂದರ್ಭದಲ್ಲಿ ವಿವಿಧ ಮಳಿಗೆಗಳ ಹರಾಜು ಹಾಗೂ ಟೆಂಡರ್ ಪ್ರಕ್ರಿಯೆ ದಿನಾಂಕ 10-02-2026ರ ಮಧ್ಯಾಹ್ನ 12.00 ಗಂಟೆಗೆ ನಡೆಯಲಿದೆ. ಆಸಕ್ತರು ನಿಗದಿತ ಠೇವಣಿಯೊಂದಿಗೆ ಭಾಗವಹಿಸಬಹುದು. ಹೆಚ್ಚಿನ ಮಾಹಿತಿಗಾಗಿ ದೇವಸ್ಥಾನದ ಕಚೇರಿಯನ್ನು ಸಂಪರ್ಕಿಸಬಹುದು.
1.00 ಗಂಟೆಯೊಳಗೆ ಸಲ್ಲಿಸಬೇಕು. ಹೆಚ್ಚಿನ ವಿವರಗಳಿಗಾಗಿ ದೇವಸ್ಥಾನದ ಕಚೇರಿಯನ್ನು ಸಂಪರ್ಕಿಸಿ.
ಕಾರ್ಯನಿರ್ವಹಣಾಧಿಕಾರಿ, ಶ್ರೀ ಮೂಕಾಂಬಿಕಾ ದೇವಸ್ಥಾನ, ಕೊಲ್ಲೂರು
